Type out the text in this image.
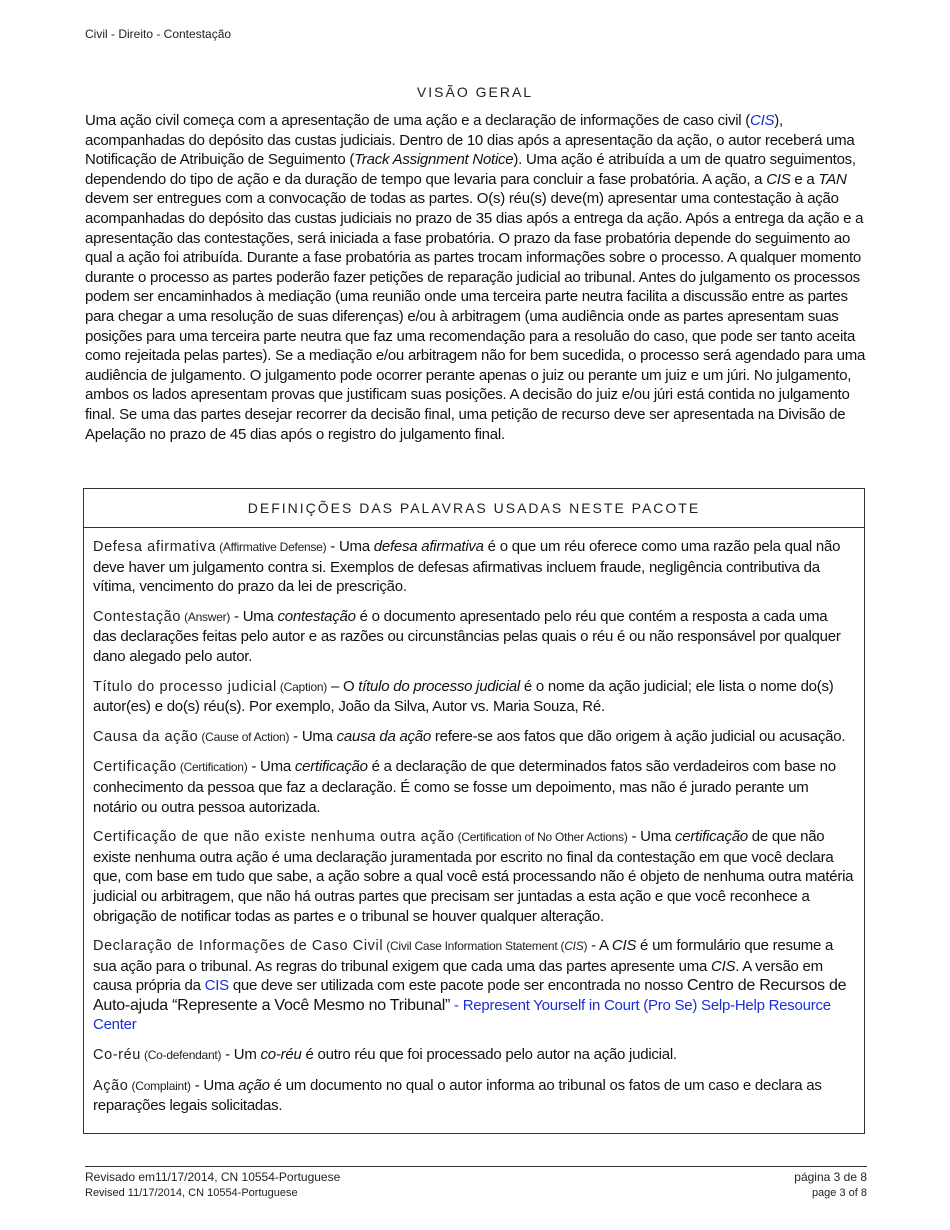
Civil - Direito - Contestação
VISÃO GERAL
Uma ação civil começa com a apresentação de uma ação e a declaração de informações de caso civil (CIS), acompanhadas do depósito das custas judiciais. Dentro de 10 dias após a apresentação da ação, o autor receberá uma Notificação de Atribuição de Seguimento (Track Assignment Notice). Uma ação é atribuída a um de quatro seguimentos, dependendo do tipo de ação e da duração de tempo que levaria para concluir a fase probatória. A ação, a CIS e a TAN devem ser entregues com a convocação de todas as partes. O(s) réu(s) deve(m) apresentar uma contestação à ação acompanhadas do depósito das custas judiciais no prazo de 35 dias após a entrega da ação. Após a entrega da ação e a apresentação das contestações, será iniciada a fase probatória. O prazo da fase probatória depende do seguimento ao qual a ação foi atribuída. Durante a fase probatória as partes trocam informações sobre o processo. A qualquer momento durante o processo as partes poderão fazer petições de reparação judicial ao tribunal. Antes do julgamento os processos podem ser encaminhados à mediação (uma reunião onde uma terceira parte neutra facilita a discussão entre as partes para chegar a uma resolução de suas diferenças) e/ou à arbitragem (uma audiência onde as partes apresentam suas posições para uma terceira parte neutra que faz uma recomendação para a resoluão do caso, que pode ser tanto aceita como rejeitada pelas partes). Se a mediação e/ou arbitragem não for bem sucedida, o processo será agendado para uma audiência de julgamento. O julgamento pode ocorrer perante apenas o juiz ou perante um juiz e um júri. No julgamento, ambos os lados apresentam provas que justificam suas posições. A decisão do juiz e/ou júri está contida no julgamento final. Se uma das partes desejar recorrer da decisão final, uma petição de recurso deve ser apresentada na Divisão de Apelação no prazo de 45 dias após o registro do julgamento final.
DEFINIÇÕES DAS PALAVRAS USADAS NESTE PACOTE
Defesa afirmativa (Affirmative Defense) - Uma defesa afirmativa é o que um réu oferece como uma razão pela qual não deve haver um julgamento contra si. Exemplos de defesas afirmativas incluem fraude, negligência contributiva da vítima, vencimento do prazo da lei de prescrição.
Contestação (Answer) - Uma contestação é o documento apresentado pelo réu que contém a resposta a cada uma das declarações feitas pelo autor e as razões ou circunstâncias pelas quais o réu é ou não responsável por qualquer dano alegado pelo autor.
Título do processo judicial (Caption) – O título do processo judicial é o nome da ação judicial; ele lista o nome do(s) autor(es) e do(s) réu(s). Por exemplo, João da Silva, Autor vs. Maria Souza, Ré.
Causa da ação (Cause of Action) - Uma causa da ação refere-se aos fatos que dão origem à ação judicial ou acusação.
Certificação (Certification) - Uma certificação é a declaração de que determinados fatos são verdadeiros com base no conhecimento da pessoa que faz a declaração. É como se fosse um depoimento, mas não é jurado perante um notário ou outra pessoa autorizada.
Certificação de que não existe nenhuma outra ação (Certification of No Other Actions) - Uma certificação de que não existe nenhuma outra ação é uma declaração juramentada por escrito no final da contestação em que você declara que, com base em tudo que sabe, a ação sobre a qual você está processando não é objeto de nenhuma outra matéria judicial ou arbitragem, que não há outras partes que precisam ser juntadas a esta ação e que você reconhece a obrigação de notificar todas as partes e o tribunal se houver qualquer alteração.
Declaração de Informações de Caso Civil (Civil Case Information Statement (CIS) - A CIS é um formulário que resume a sua ação para o tribunal. As regras do tribunal exigem que cada uma das partes apresente uma CIS. A versão em causa própria da CIS que deve ser utilizada com este pacote pode ser encontrada no nosso Centro de Recursos de Auto-ajuda “Represente a Você Mesmo no Tribunal” - Represent Yourself in Court (Pro Se) Selp-Help Resource Center
Co-réu (Co-defendant) - Um co-réu é outro réu que foi processado pelo autor na ação judicial.
Ação (Complaint) - Uma ação é um documento no qual o autor informa ao tribunal os fatos de um caso e declara as reparações legais solicitadas.
Revisado em11/17/2014, CN 10554-Portuguese
Revised 11/17/2014, CN 10554-Portuguese
página 3 de 8
page 3 of 8
